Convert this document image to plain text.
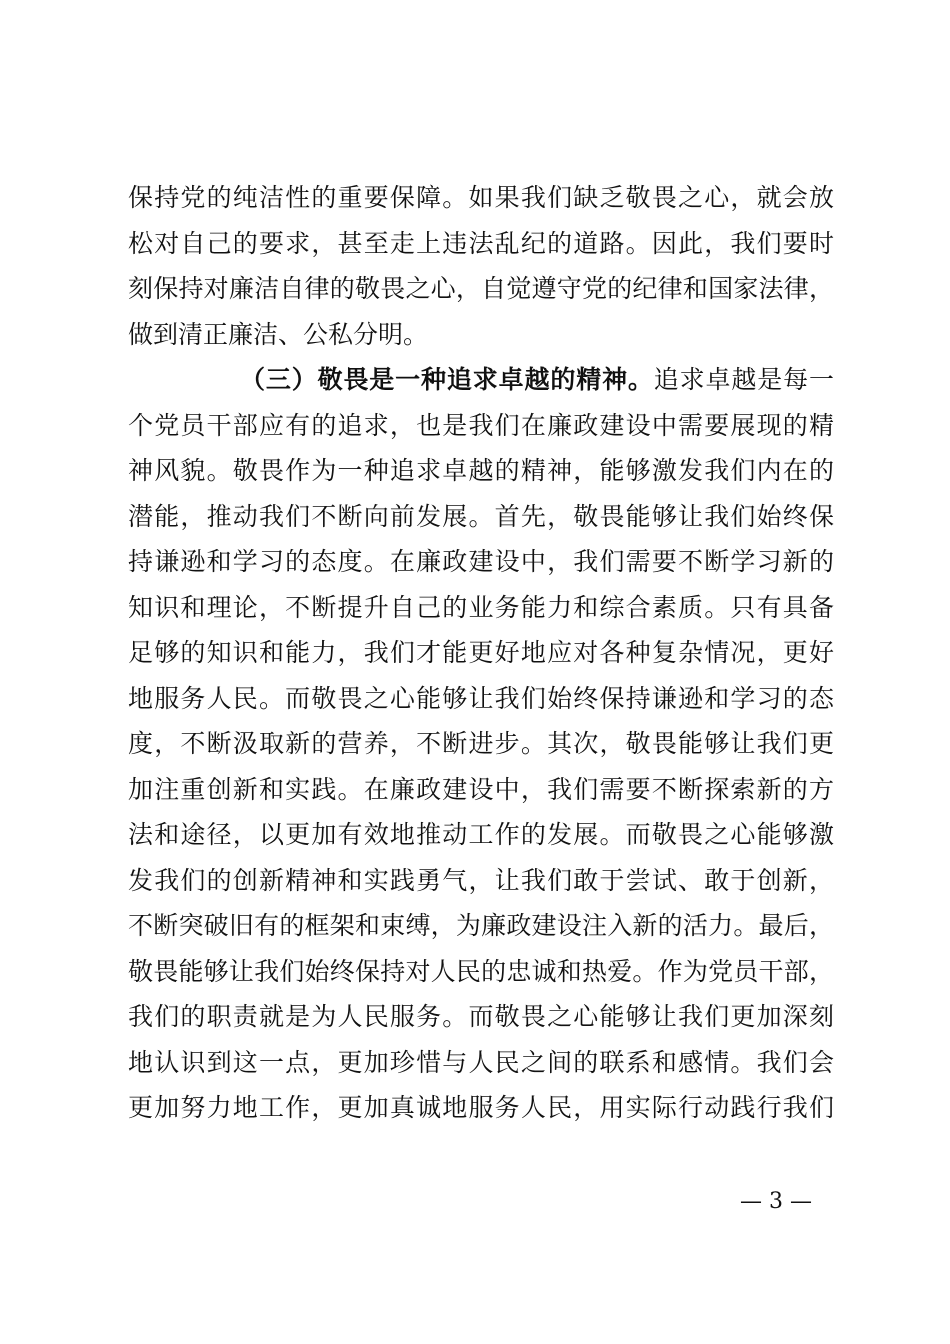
保持党的纯洁性的重要保障。如果我们缺乏敬畏之心，就会放
松对自己的要求，甚至走上违法乱纪的道路。因此，我们要时
刻保持对廉洁自律的敬畏之心，自觉遵守党的纪律和国家法律，
做到清正廉洁、公私分明。
（三）敬畏是一种追求卓越的精神。追求卓越是每一
个党员干部应有的追求，也是我们在廉政建设中需要展现的精
神风貌。敬畏作为一种追求卓越的精神，能够激发我们内在的
潜能，推动我们不断向前发展。首先，敬畏能够让我们始终保
持谦逊和学习的态度。在廉政建设中，我们需要不断学习新的
知识和理论，不断提升自己的业务能力和综合素质。只有具备
足够的知识和能力，我们才能更好地应对各种复杂情况，更好
地服务人民。而敬畏之心能够让我们始终保持谦逊和学习的态
度，不断汲取新的营养，不断进步。其次，敬畏能够让我们更
加注重创新和实践。在廉政建设中，我们需要不断探索新的方
法和途径，以更加有效地推动工作的发展。而敬畏之心能够激
发我们的创新精神和实践勇气，让我们敢于尝试、敢于创新，
不断突破旧有的框架和束缚，为廉政建设注入新的活力。最后，
敬畏能够让我们始终保持对人民的忠诚和热爱。作为党员干部，
我们的职责就是为人民服务。而敬畏之心能够让我们更加深刻
地认识到这一点，更加珍惜与人民之间的联系和感情。我们会
更加努力地工作，更加真诚地服务人民，用实际行动践行我们
— 3 —
